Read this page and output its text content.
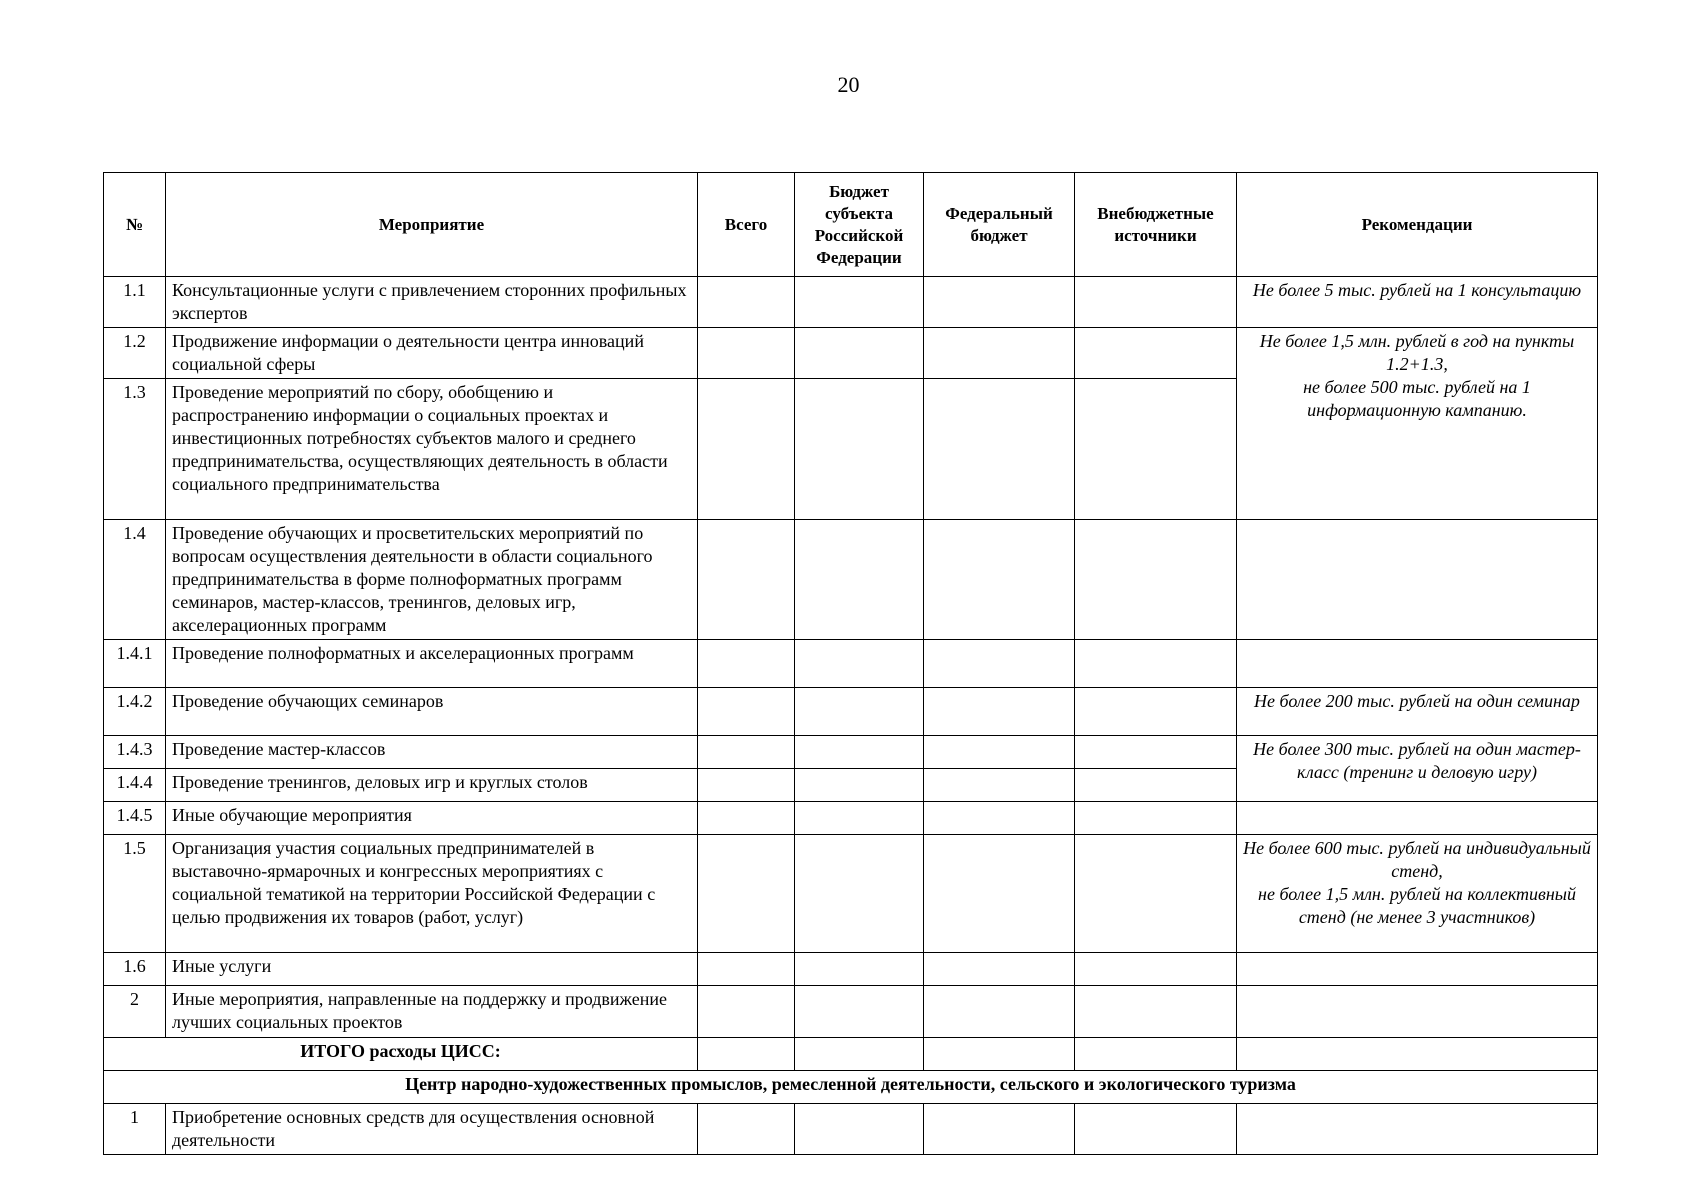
20
№	Мероприятие	Всего	Бюджет субъекта Российской Федерации	Федеральный бюджет	Внебюджетные источники	Рекомендации
1.1	Консультационные услуги с привлечением сторонних профильных экспертов					Не более 5 тыс. рублей на 1 консультацию
1.2	Продвижение информации о деятельности центра инноваций социальной сферы					Не более 1,5 млн. рублей в год на пункты 1.2+1.3,
не более 500 тыс. рублей на 1 информационную кампанию.

1.3	Проведение мероприятий по сбору, обобщению и распространению информации о социальных проектах и инвестиционных потребностях субъектов малого и среднего предпринимательства, осуществляющих деятельность в области социального предпринимательства					
1.4	Проведение обучающих и просветительских мероприятий по вопросам осуществления деятельности в области социального предпринимательства в форме полноформатных программ семинаров, мастер-классов, тренингов, деловых игр, акселерационных программ					
1.4.1	Проведение полноформатных и акселерационных программ					
1.4.2	Проведение обучающих семинаров					Не более 200 тыс. рублей на один семинар
1.4.3	Проведение мастер-классов					Не более 300 тыс. рублей на один мастер-класс (тренинг и деловую игру)
1.4.4	Проведение тренингов, деловых игр и круглых столов					
1.4.5	Иные обучающие мероприятия					
1.5	Организация участия социальных предпринимателей в выставочно-ярмарочных и конгрессных мероприятиях с социальной тематикой на территории Российской Федерации с целью продвижения их товаров (работ, услуг)					Не более 600 тыс. рублей на индивидуальный стенд,
не более 1,5 млн. рублей на коллективный стенд (не менее 3 участников)

1.6	Иные услуги					
2	Иные мероприятия, направленные на поддержку и продвижение лучших социальных проектов					
ИТОГО расходы ЦИСС:						
Центр народно-художественных промыслов, ремесленной деятельности, сельского и экологического туризма						
1	Приобретение основных средств для осуществления основной деятельности					
